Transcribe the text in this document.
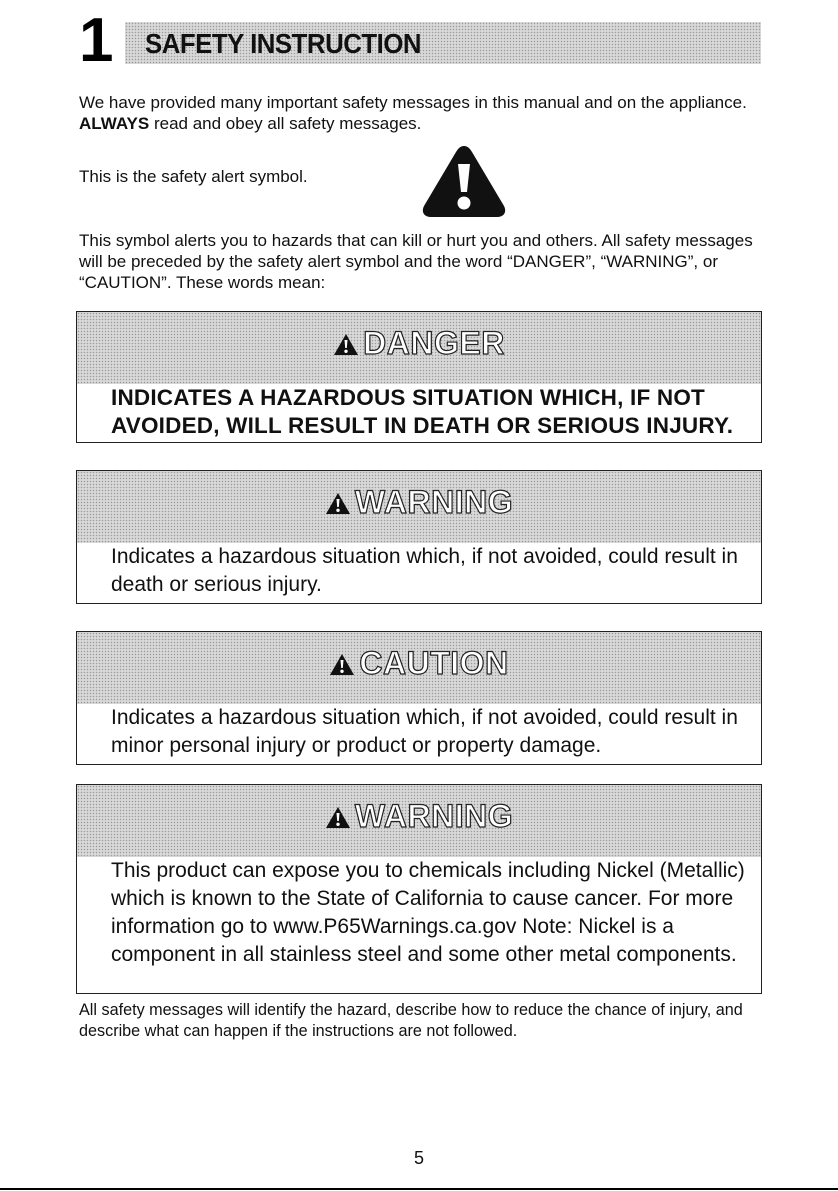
1 SAFETY INSTRUCTION

We have provided many important safety messages in this manual and on the appliance. ALWAYS read and obey all safety messages.

This is the safety alert symbol.

This symbol alerts you to hazards that can kill or hurt you and others. All safety messages will be preceded by the safety alert symbol and the word “DANGER”, “WARNING”, or “CAUTION”. These words mean:

DANGER
INDICATES A HAZARDOUS SITUATION WHICH, IF NOT AVOIDED, WILL RESULT IN DEATH OR SERIOUS INJURY.
WARNING
Indicates a hazardous situation which, if not avoided, could result in death or serious injury.
CAUTION
Indicates a hazardous situation which, if not avoided, could result in minor personal injury or product or property damage.
WARNING
This product can expose you to chemicals including Nickel (Metallic) which is known to the State of California to cause cancer. For more information go to www.P65Warnings.ca.gov Note: Nickel is a component in all stainless steel and some other metal components.

All safety messages will identify the hazard, describe how to reduce the chance of injury, and describe what can happen if the instructions are not followed.

5
